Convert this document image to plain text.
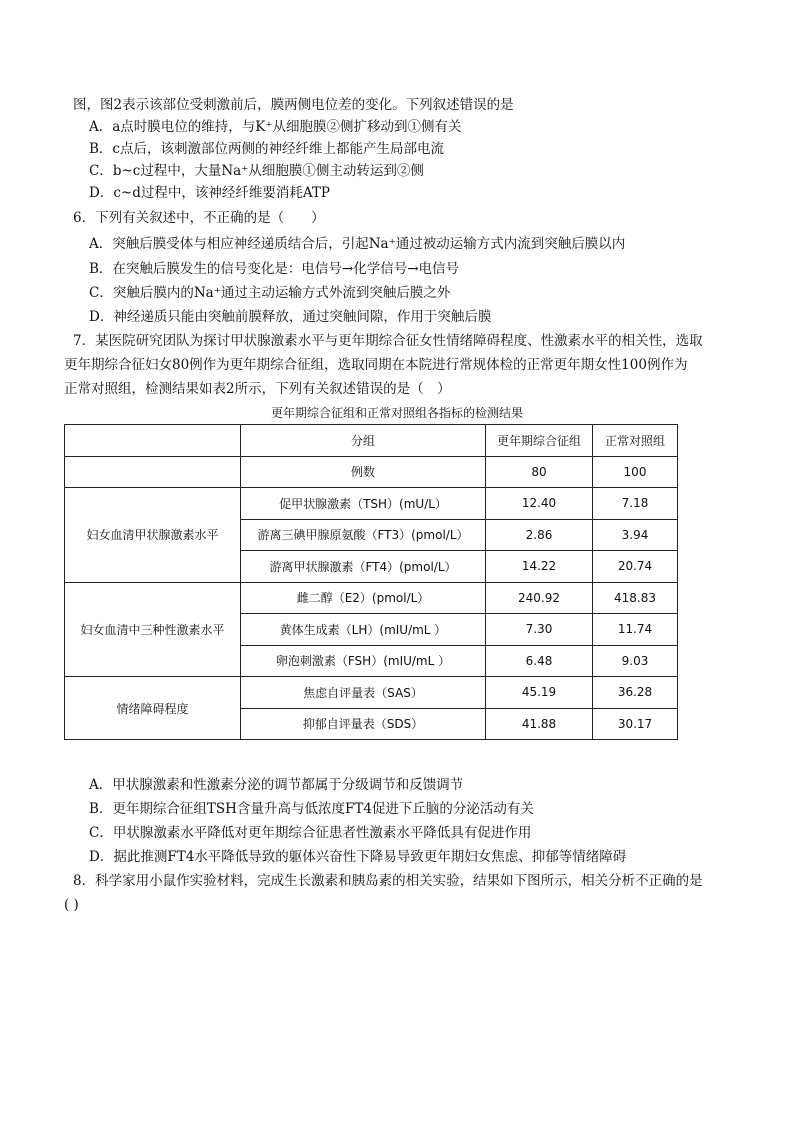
图，图2表示该部位受刺激前后，膜两侧电位差的变化。下列叙述错误的是
A．a点时膜电位的维持，与K⁺从细胞膜②侧扩移动到①侧有关
B．c点后，该刺激部位两侧的神经纤维上都能产生局部电流
C．b~c过程中，大量Na⁺从细胞膜①侧主动转运到②侧
D．c~d过程中，该神经纤维要消耗ATP
6．下列有关叙述中，不正确的是（　　）
A．突触后膜受体与相应神经递质结合后，引起Na⁺通过被动运输方式内流到突触后膜以内
B．在突触后膜发生的信号变化是：电信号→化学信号→电信号
C．突触后膜内的Na⁺通过主动运输方式外流到突触后膜之外
D．神经递质只能由突触前膜释放，通过突触间隙，作用于突触后膜
7．某医院研究团队为探讨甲状腺激素水平与更年期综合征女性情绪障碍程度、性激素水平的相关性，选取
更年期综合征妇女80例作为更年期综合征组，选取同期在本院进行常规体检的正常更年期女性100例作为
正常对照组，检测结果如表2所示，下列有关叙述错误的是（　）
更年期综合征组和正常对照组各指标的检测结果
	分组	更年期综合征组	正常对照组
	例数	80	100
妇女血清甲状腺激素水平	促甲状腺激素（TSH）(mU/L）	12.40	7.18
	游离三碘甲腺原氨酸（FT3）(pmol/L）	2.86	3.94
	游离甲状腺激素（FT4）(pmol/L）	14.22	20.74
妇女血清中三种性激素水平	雌二醇（E2）(pmol/L）	240.92	418.83
	黄体生成素（LH）(mIU/mL ）	7.30	11.74
	卵泡刺激素（FSH）(mIU/mL ）	6.48	9.03
情绪障碍程度	焦虑自评量表（SAS）	45.19	36.28
	抑郁自评量表（SDS）	41.88	30.17
A．甲状腺激素和性激素分泌的调节都属于分级调节和反馈调节
B．更年期综合征组TSH含量升高与低浓度FT4促进下丘脑的分泌活动有关
C．甲状腺激素水平降低对更年期综合征患者性激素水平降低具有促进作用
D．据此推测FT4水平降低导致的躯体兴奋性下降易导致更年期妇女焦虑、抑郁等情绪障碍
8．科学家用小鼠作实验材料，完成生长激素和胰岛素的相关实验，结果如下图所示，相关分析不正确的是
( )
